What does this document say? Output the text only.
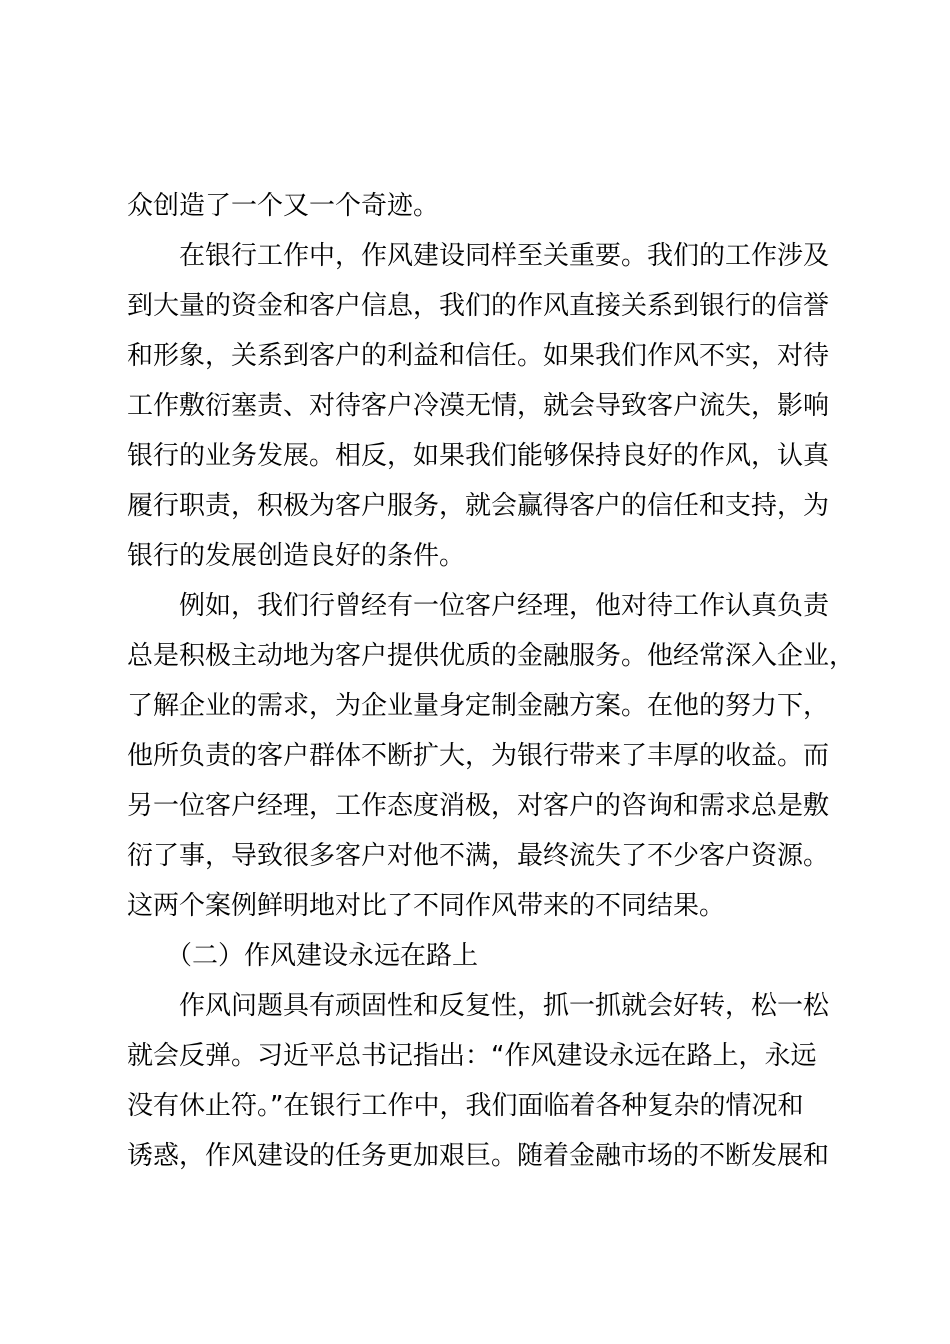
众创造了一个又一个奇迹。

　　在银行工作中，作风建设同样至关重要。我们的工作涉及

到大量的资金和客户信息，我们的作风直接关系到银行的信誉

和形象，关系到客户的利益和信任。如果我们作风不实，对待

工作敷衍塞责、对待客户冷漠无情，就会导致客户流失，影响

银行的业务发展。相反，如果我们能够保持良好的作风，认真

履行职责，积极为客户服务，就会赢得客户的信任和支持，为

银行的发展创造良好的条件。

　　例如，我们行曾经有一位客户经理，他对待工作认真负责

总是积极主动地为客户提供优质的金融服务。他经常深入企业，

了解企业的需求，为企业量身定制金融方案。在他的努力下，

他所负责的客户群体不断扩大，为银行带来了丰厚的收益。而

另一位客户经理，工作态度消极，对客户的咨询和需求总是敷

衍了事，导致很多客户对他不满，最终流失了不少客户资源。

这两个案例鲜明地对比了不同作风带来的不同结果。

　　（二）作风建设永远在路上

　　作风问题具有顽固性和反复性，抓一抓就会好转，松一松

就会反弹。习近平总书记指出：“作风建设永远在路上，永远

没有休止符。”在银行工作中，我们面临着各种复杂的情况和

诱惑，作风建设的任务更加艰巨。随着金融市场的不断发展和
